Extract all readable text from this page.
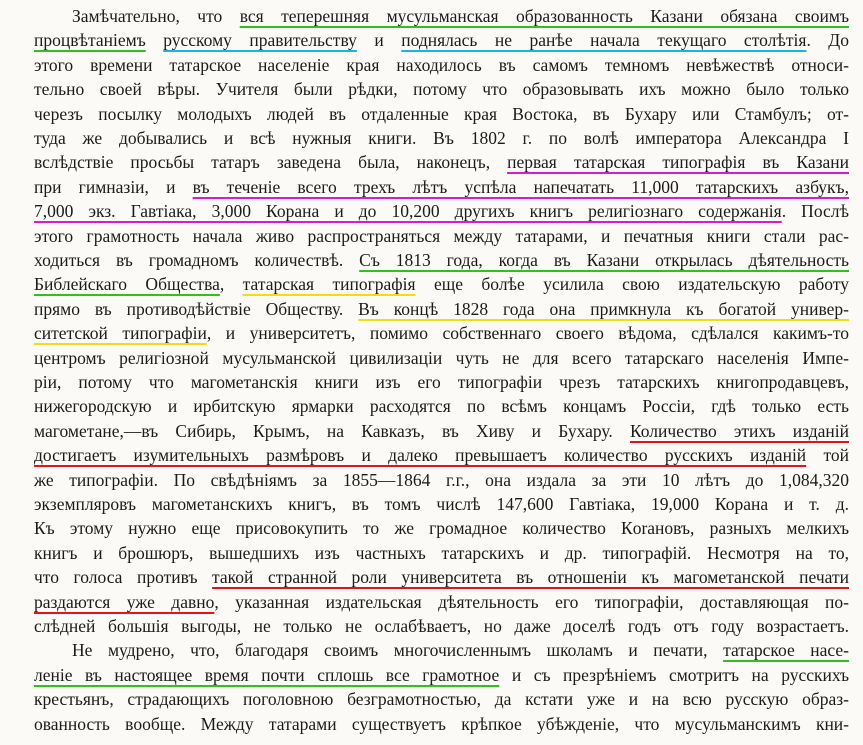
Замѣчательно, что вся теперешняя мусульманская образованность Казани обязана своимъ
процвѣтаніемъ русскому правительству и поднялась не ранѣе начала текущаго столѣтія. До
этого времени татарское населеніе края находилось въ самомъ темномъ невѣжествѣ относи-
тельно своей вѣры. Учителя были рѣдки, потому что образовывать ихъ можно было только
черезъ посылку молодыхъ людей въ отдаленные края Востока, въ Бухару или Стамбулъ; от-
туда же добывались и всѣ нужныя книги. Въ 1802 г. по волѣ императора Александра I
вслѣдствіе просьбы татаръ заведена была, наконецъ, первая татарская типографія въ Казани
при гимназіи, и въ теченіе всего трехъ лѣтъ успѣла напечатать 11,000 татарскихъ азбукъ,
7,000 экз. Гавтіака, 3,000 Корана и до 10,200 другихъ книгъ религіознаго содержанія. Послѣ
этого грамотность начала живо распространяться между татарами, и печатныя книги стали рас-
ходиться въ громадномъ количествѣ. Съ 1813 года, когда въ Казани открылась дѣятельность
Библейскаго Общества, татарская типографія еще болѣе усилила свою издательскую работу
прямо въ противодѣйствіе Обществу. Въ концѣ 1828 года она примкнула къ богатой универ-
ситетской типографіи, и университетъ, помимо собственнаго своего вѣдома, сдѣлался какимъ-то
центромъ религіозной мусульманской цивилизаціи чуть не для всего татарскаго населенія Импе-
ріи, потому что магометанскія книги изъ его типографіи чрезъ татарскихъ книгопродавцевъ,
нижегородскую и ирбитскую ярмарки расходятся по всѣмъ концамъ Россіи, гдѣ только есть
магометане,—въ Сибирь, Крымъ, на Кавказъ, въ Хиву и Бухару. Количество этихъ изданій
достигаетъ изумительныхъ размѣровъ и далеко превышаетъ количество русскихъ изданій той
же типографіи. По свѣдѣніямъ за 1855—1864 г.г., она издала за эти 10 лѣтъ до 1,084,320
экземпляровъ магометанскихъ книгъ, въ томъ числѣ 147,600 Гавтіака, 19,000 Корана и т. д.
Къ этому нужно еще присовокупить то же громадное количество Кorановъ, разныхъ мелкихъ
книгъ и брошюръ, вышедшихъ изъ частныхъ татарскихъ и др. типографій. Несмотря на то,
что голоса противъ такой странной роли университета въ отношеніи къ магометанской печати
раздаются уже давно, указанная издательская дѣятельность его типографіи, доставляющая по-
слѣдней большія выгоды, не только не ослабѣваетъ, но даже доселѣ годъ отъ году возрастаетъ.
Не мудрено, что, благодаря своимъ многочисленнымъ школамъ и печати, татарское насе-
леніе въ настоящее время почти сплошь все грамотное и съ презрѣніемъ смотритъ на русскихъ
крестьянъ, страдающихъ поголовною безграмотностью, да кстати уже и на всю русскую образ-
ованность вообще. Между татарами существуетъ крѣпкое убѣжденіе, что мусульманскимъ кни-
